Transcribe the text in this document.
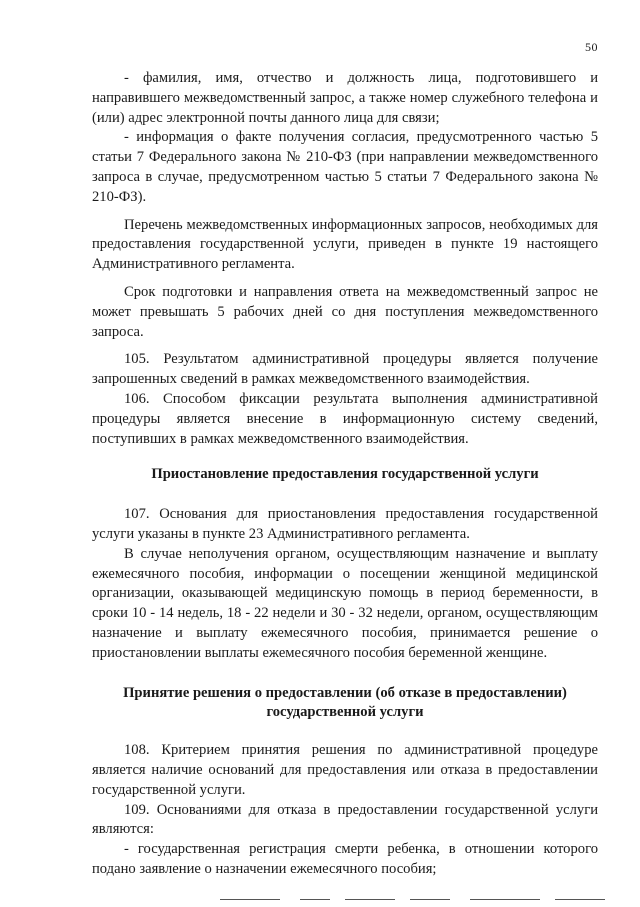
50

- фамилия, имя, отчество и должность лица, подготовившего и направившего межведомственный запрос, а также номер служебного телефона и (или) адрес электронной почты данного лица для связи;

- информация о факте получения согласия, предусмотренного частью 5 статьи 7 Федерального закона № 210-ФЗ (при направлении межведомственного запроса в случае, предусмотренном частью 5 статьи 7 Федерального закона № 210-ФЗ).

Перечень межведомственных информационных запросов, необходимых для предоставления государственной услуги, приведен в пункте 19 настоящего Административного регламента.

Срок подготовки и направления ответа на межведомственный запрос не может превышать 5 рабочих дней со дня поступления межведомственного запроса.

105. Результатом административной процедуры является получение запрошенных сведений в рамках межведомственного взаимодействия.

106. Способом фиксации результата выполнения административной процедуры является внесение в информационную систему сведений, поступивших в рамках межведомственного взаимодействия.

Приостановление предоставления государственной услуги

107. Основания для приостановления предоставления государственной услуги указаны в пункте 23 Административного регламента.

В случае неполучения органом, осуществляющим назначение и выплату ежемесячного пособия, информации о посещении женщиной медицинской организации, оказывающей медицинскую помощь в период беременности, в сроки 10 - 14 недель, 18 - 22 недели и 30 - 32 недели, органом, осуществляющим назначение и выплату ежемесячного пособия, принимается решение о приостановлении выплаты ежемесячного пособия беременной женщине.

Принятие решения о предоставлении (об отказе в предоставлении) государственной услуги

108. Критерием принятия решения по административной процедуре является наличие оснований для предоставления или отказа в предоставлении государственной услуги.

109. Основаниями для отказа в предоставлении государственной услуги являются:

- государственная регистрация смерти ребенка, в отношении которого подано заявление о назначении ежемесячного пособия;
